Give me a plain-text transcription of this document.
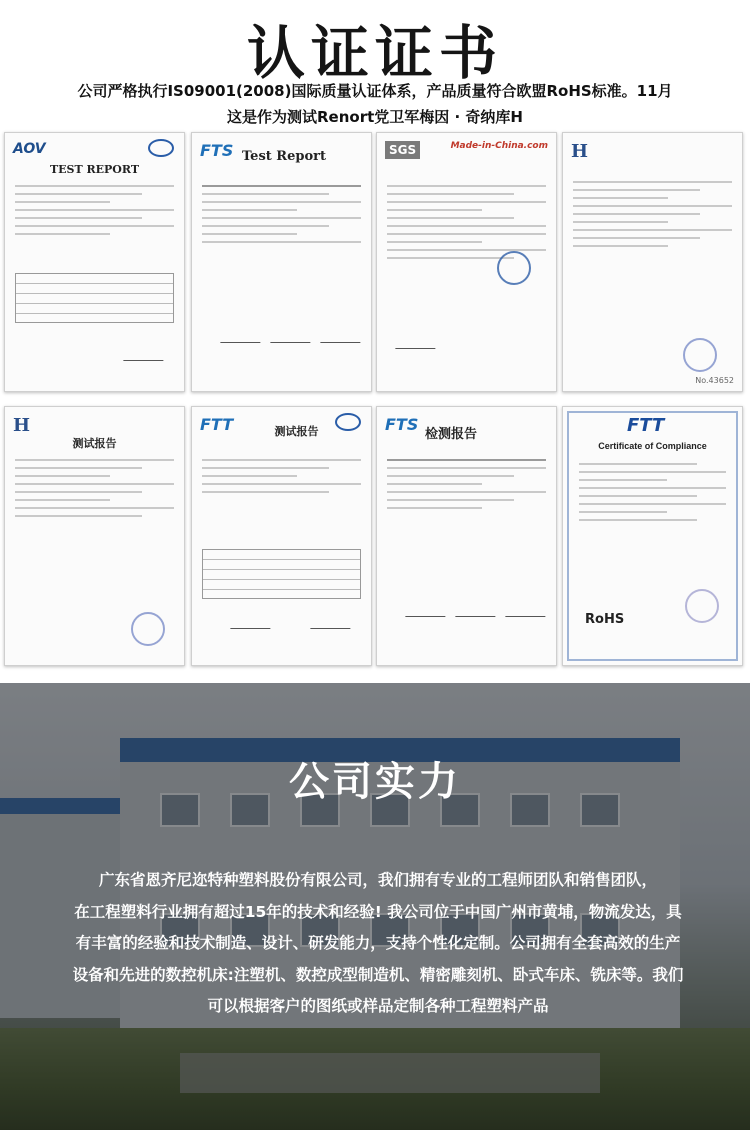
认证证书
公司严格执行IS09001(2008)国际质量认证体系，产品质量符合欧盟RoHS标准。11月
这是作为测试Renort党卫军梅因 · 奇纳库H
AOV
TEST REPORT
FTS Test Report	SGS	Made-in-China.com H
No.43652
H
测试报告
FTT	测试报告	FTS
检测报告	FTT
Certificate of Compliance
RoHS
公司实力
广东省恩齐尼迩特种塑料股份有限公司，我们拥有专业的工程师团队和销售团队，
在工程塑料行业拥有超过15年的技术和经验! 我公司位于中国广州市黄埔，物流发达，具
有丰富的经验和技术制造、设计、研发能力，支持个性化定制。公司拥有全套高效的生产
设备和先进的数控机床:注塑机、数控成型制造机、精密雕刻机、卧式车床、铣床等。我们
可以根据客户的图纸或样品定制各种工程塑料产品
